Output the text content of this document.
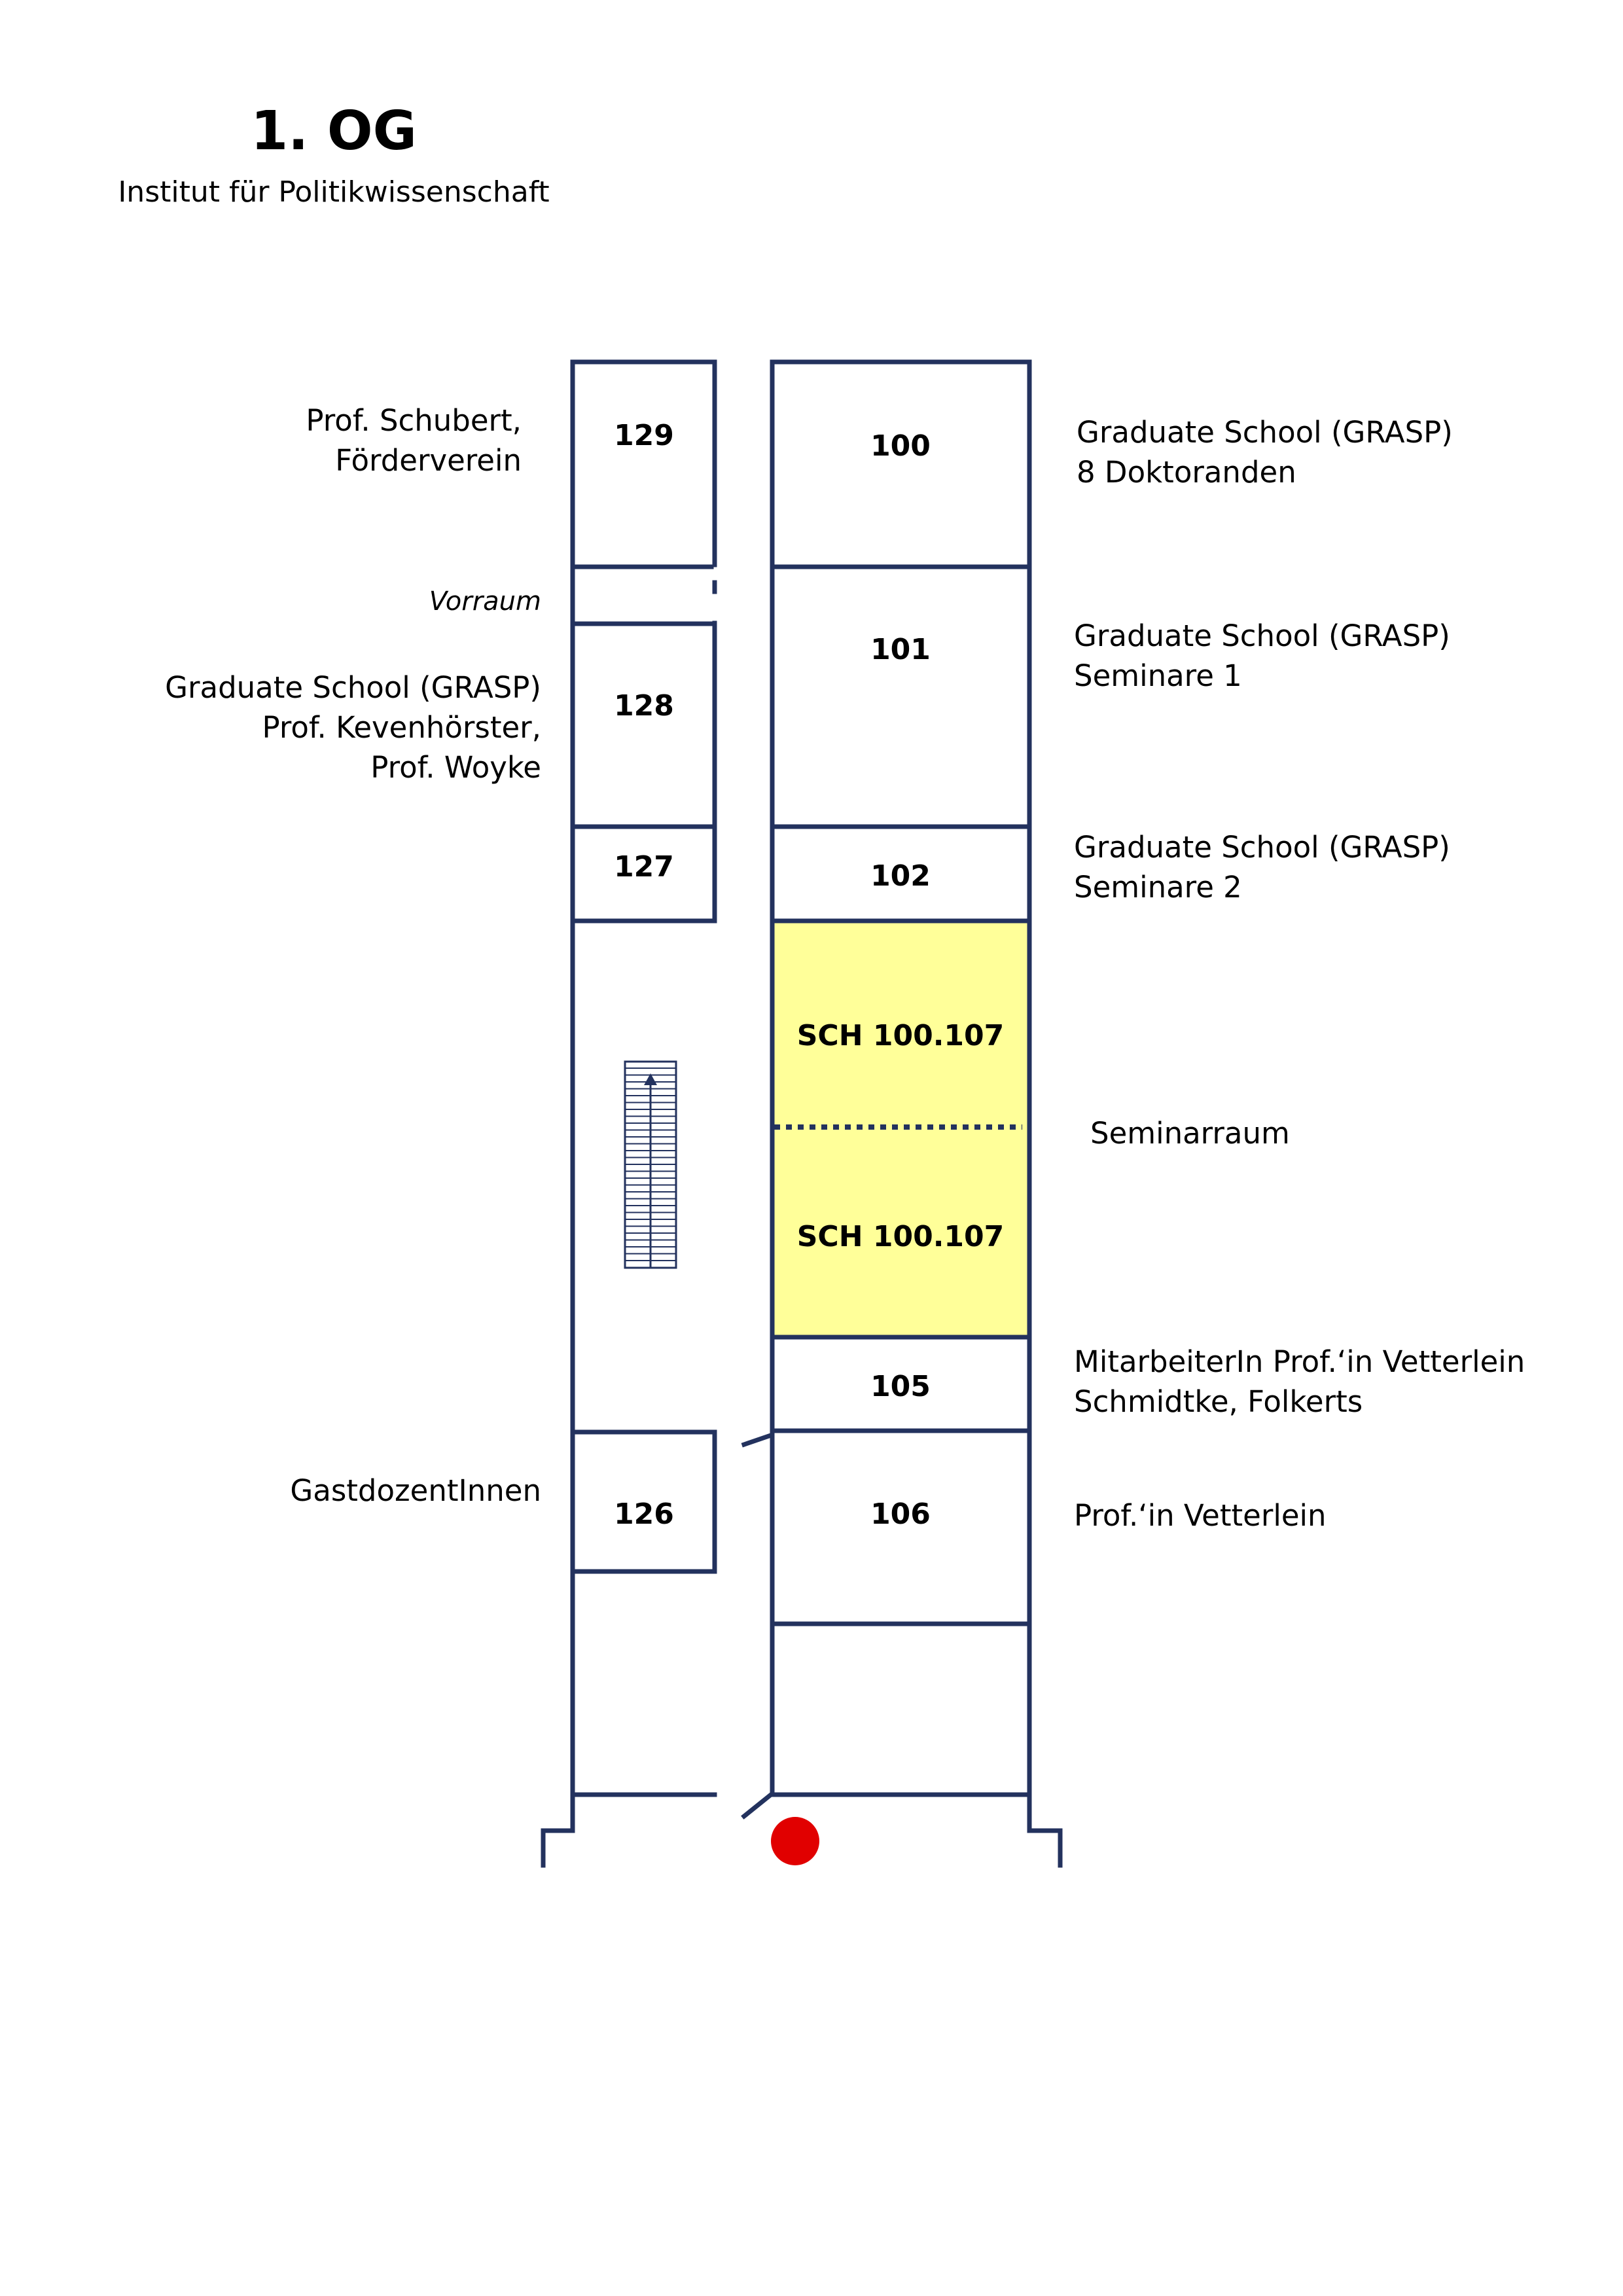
1. OG
Institut für Politikwissenschaft
129
128
127
126
100
101
102
SCH 100.107
SCH 100.107
105
106
Prof. Schubert,
Förderverein
Vorraum
Graduate School (GRASP)
Prof. Kevenhörster,
Prof. Woyke
GastdozentInnen
Graduate School (GRASP)
8 Doktoranden
Graduate School (GRASP)
Seminare 1
Graduate School (GRASP)
Seminare 2
Seminarraum
MitarbeiterIn Prof.‘in Vetterlein
Schmidtke, Folkerts
Prof.‘in Vetterlein
